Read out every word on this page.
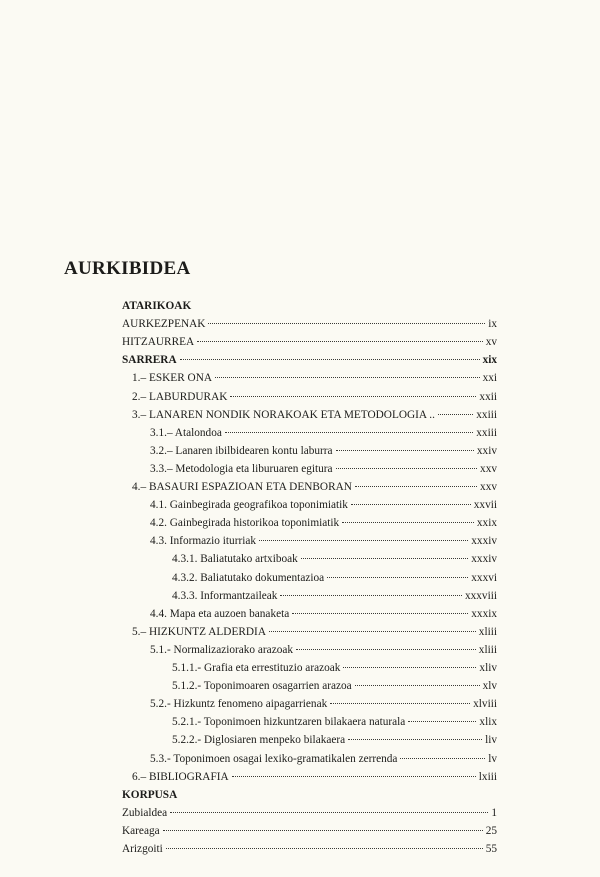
AURKIBIDEA
ATARIKOAK
AURKEZPENAK	ix
HITZAURREA	xv
SARRERA	xix
1.– ESKER ONA	xxi
2.– LABURDURAK	xxii
3.– LANAREN NONDIK NORAKOAK ETA METODOLOGIA ..	xxiii
3.1.– Atalondoa	xxiii
3.2.– Lanaren ibilbidearen kontu laburra	xxiv
3.3.– Metodologia eta liburuaren egitura	xxv
4.– BASAURI ESPAZIOAN ETA DENBORAN	xxv
4.1. Gainbegirada geografikoa toponimiatik	xxvii
4.2. Gainbegirada historikoa toponimiatik	xxix
4.3. Informazio iturriak	xxxiv
4.3.1. Baliatutako artxiboak	xxxiv
4.3.2. Baliatutako dokumentazioa	xxxvi
4.3.3. Informantzaileak	xxxviii
4.4. Mapa eta auzoen banaketa	xxxix
5.– HIZKUNTZ ALDERDIA	xliii
5.1.- Normalizaziorako arazoak	xliii
5.1.1.- Grafia eta errestituzio arazoak	xliv
5.1.2.- Toponimoaren osagarrien arazoa	xlv
5.2.- Hizkuntz fenomeno aipagarrienak	xlviii
5.2.1.- Toponimoen hizkuntzaren bilakaera naturala	xlix
5.2.2.- Diglosiaren menpeko bilakaera	liv
5.3.- Toponimoen osagai lexiko-gramatikalen zerrenda	lv
6.– BIBLIOGRAFIA	lxiii
KORPUSA
Zubialdea	1
Kareaga	25
Arizgoiti	55
